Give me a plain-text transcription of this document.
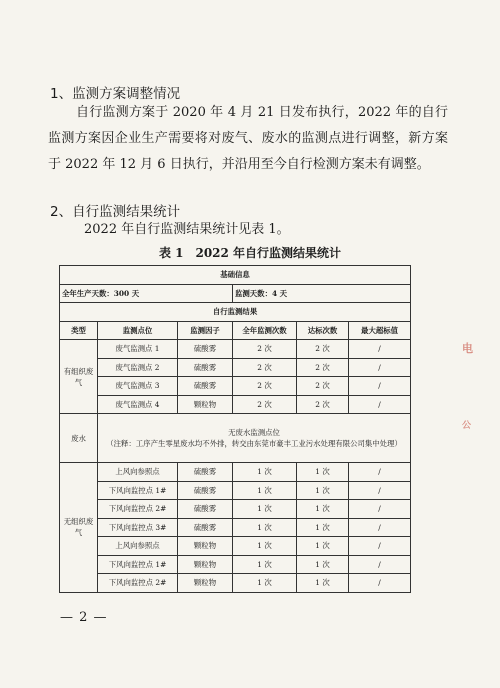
1、监测方案调整情况
自行监测方案于 2020 年 4 月 21 日发布执行，2022 年的自行监测方案因企业生产需要将对废气、废水的监测点进行调整，新方案于 2022 年 12 月 6 日执行，并沿用至今自行检测方案未有调整。
2、自行监测结果统计
2022 年自行监测结果统计见表 1。
表 1　2022 年自行监测结果统计
基础信息					
全年生产天数：300 天			监测天数：4 天		
自行监测结果					
类型	监测点位	监测因子	全年监测次数	达标次数	最大超标值
有组织废气	废气监测点 1	硫酸雾	2 次	2 次	/
	废气监测点 2	硫酸雾	2 次	2 次	/
	废气监测点 3	硫酸雾	2 次	2 次	/
	废气监测点 4	颗粒物	2 次	2 次	/
废水	无废水监测点位
（注释：工序产生零星废水均不外排，转交由东莞市豪丰工业污水处理有限公司集中处理）				

无组织废气	上风向参照点	硫酸雾	1 次	1 次	/
	下风向监控点 1#	硫酸雾	1 次	1 次	/
	下风向监控点 2#	硫酸雾	1 次	1 次	/
	下风向监控点 3#	硫酸雾	1 次	1 次	/
	上风向参照点	颗粒物	1 次	1 次	/
	下风向监控点 1#	颗粒物	1 次	1 次	/
	下风向监控点 2#	颗粒物	1 次	1 次	/
— 2 —
电
公
